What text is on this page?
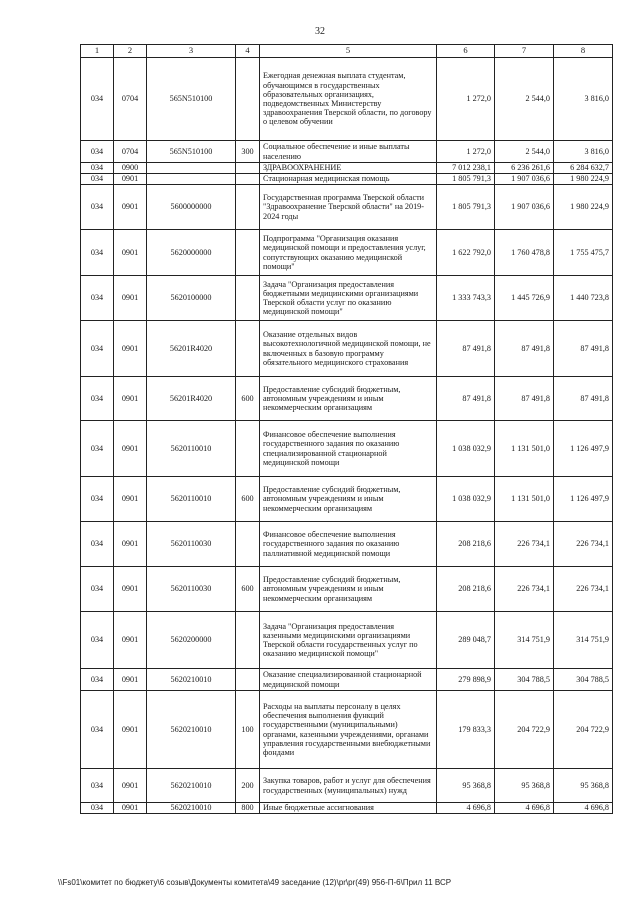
32
1	2	3	4	5	6	7	8
034	0704	565N510100		Ежегодная денежная выплата студентам, обучающимся в государственных образовательных организациях, подведомственных Министерству здравоохранения Тверской области, по договору о целевом обучении	1 272,0	2 544,0	3 816,0
034	0704	565N510100	300	Социальное обеспечение и иные выплаты населению	1 272,0	2 544,0	3 816,0
034	0900			ЗДРАВООХРАНЕНИЕ	7 012 238,1	6 236 261,6	6 284 632,7
034	0901			Стационарная медицинская помощь	1 805 791,3	1 907 036,6	1 980 224,9
034	0901	5600000000		Государственная программа Тверской области "Здравоохранение Тверской области" на 2019-2024 годы	1 805 791,3	1 907 036,6	1 980 224,9
034	0901	5620000000		Подпрограмма "Организация оказания медицинской помощи и предоставления услуг, сопутствующих оказанию медицинской помощи"	1 622 792,0	1 760 478,8	1 755 475,7
034	0901	5620100000		Задача "Организация предоставления бюджетными медицинскими организациями Тверской области услуг по оказанию медицинской помощи"	1 333 743,3	1 445 726,9	1 440 723,8
034	0901	56201R4020		Оказание отдельных видов высокотехнологичной медицинской помощи, не включенных в базовую программу обязательного медицинского страхования	87 491,8	87 491,8	87 491,8
034	0901	56201R4020	600	Предоставление субсидий бюджетным, автономным учреждениям и иным некоммерческим организациям	87 491,8	87 491,8	87 491,8
034	0901	5620110010		Финансовое обеспечение выполнения государственного задания по оказанию специализированной стационарной медицинской помощи	1 038 032,9	1 131 501,0	1 126 497,9
034	0901	5620110010	600	Предоставление субсидий бюджетным, автономным учреждениям и иным некоммерческим организациям	1 038 032,9	1 131 501,0	1 126 497,9
034	0901	5620110030		Финансовое обеспечение выполнения государственного задания по оказанию паллиативной медицинской помощи	208 218,6	226 734,1	226 734,1
034	0901	5620110030	600	Предоставление субсидий бюджетным, автономным учреждениям и иным некоммерческим организациям	208 218,6	226 734,1	226 734,1
034	0901	5620200000		Задача "Организация предоставления казенными медицинскими организациями Тверской области государственных услуг по оказанию медицинской помощи"	289 048,7	314 751,9	314 751,9
034	0901	5620210010		Оказание специализированной стационарной медицинской помощи	279 898,9	304 788,5	304 788,5
034	0901	5620210010	100	Расходы на выплаты персоналу в целях обеспечения выполнения функций государственными (муниципальными) органами, казенными учреждениями, органами управления государственными внебюджетными фондами	179 833,3	204 722,9	204 722,9
034	0901	5620210010	200	Закупка товаров, работ и услуг для обеспечения государственных (муниципальных) нужд	95 368,8	95 368,8	95 368,8
034	0901	5620210010	800	Иные бюджетные ассигнования	4 696,8	4 696,8	4 696,8
\\Fs01\комитет по бюджету\6 созыв\Документы комитета\49 заседание (12)\pr\pr(49) 956-П-6\Прил 11 ВСР
